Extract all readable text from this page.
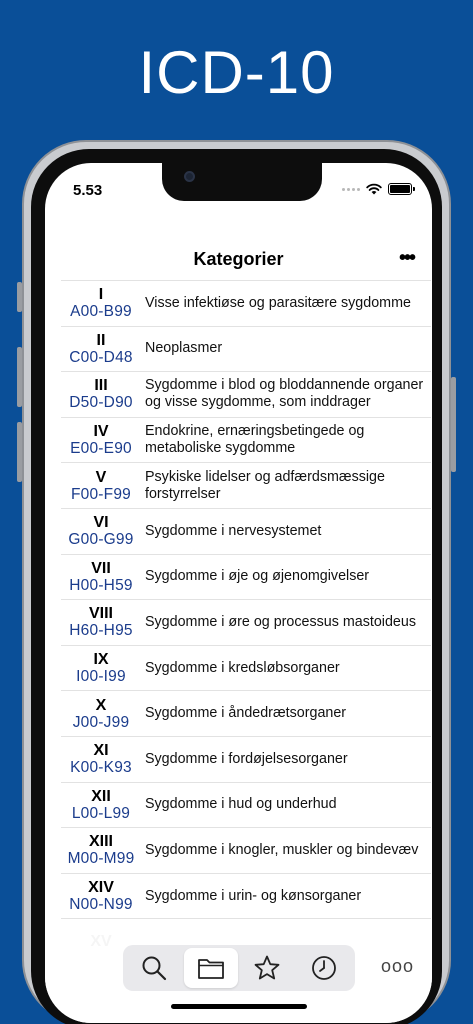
ICD-10
5.53
Kategorier	•••
I
A00-B99
Visse infektiøse og parasitære sygdomme
II
C00-D48
Neoplasmer
III
D50-D90
Sygdomme i blod og bloddannende organer og visse sygdomme, som inddrager
IV
E00-E90
Endokrine, ernæringsbetingede og metaboliske sygdomme
V
F00-F99
Psykiske lidelser og adfærdsmæssige forstyrrelser
VI
G00-G99
Sygdomme i nervesystemet
VII
H00-H59
Sygdomme i øje og øjenomgivelser
VIII
H60-H95
Sygdomme i øre og processus mastoideus
IX
I00-I99
Sygdomme i kredsløbsorganer
X
J00-J99
Sygdomme i åndedrætsorganer
XI
K00-K93
Sygdomme i fordøjelsesorganer
XII
L00-L99
Sygdomme i hud og underhud
XIII
M00-M99
Sygdomme i knogler, muskler og bindevæv
XIV
N00-N99
Sygdomme i urin- og kønsorganer
ooo
